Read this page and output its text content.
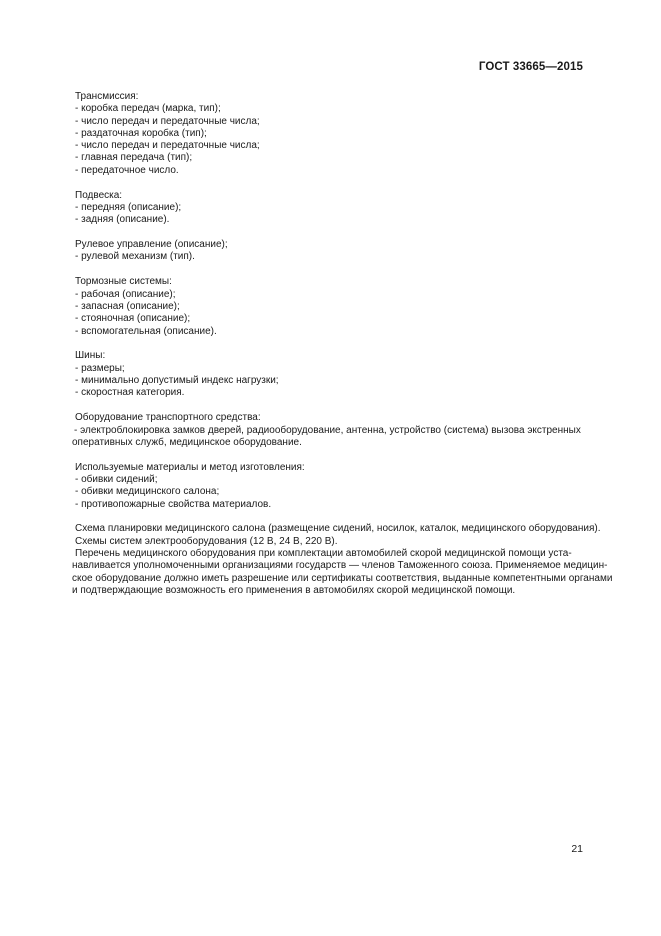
ГОСТ 33665—2015
Трансмиссия:
- коробка передач (марка, тип);
- число передач и передаточные числа;
- раздаточная коробка (тип);
- число передач и передаточные числа;
- главная передача (тип);
- передаточное число.
Подвеска:
- передняя (описание);
- задняя (описание).
Рулевое управление (описание);
- рулевой механизм (тип).
Тормозные системы:
- рабочая (описание);
- запасная (описание);
- стояночная (описание);
- вспомогательная (описание).
Шины:
- размеры;
- минимально допустимый индекс нагрузки;
- скоростная категория.
Оборудование транспортного средства:
- электроблокировка замков дверей, радиооборудование, антенна, устройство (система) вызова экстренных
оперативных служб, медицинское оборудование.
Используемые материалы и метод изготовления:
- обивки сидений;
- обивки медицинского салона;
- противопожарные свойства материалов.
Схема планировки медицинского салона (размещение сидений, носилок, каталок, медицинского оборудования).
Схемы систем электрооборудования (12 В, 24 В, 220 В).
Перечень медицинского оборудования при комплектации автомобилей скорой медицинской помощи уста-
навливается уполномоченными организациями государств — членов Таможенного союза. Применяемое медицин-
ское оборудование должно иметь разрешение или сертификаты соответствия, выданные компетентными органами
и подтверждающие возможность его применения в автомобилях скорой медицинской помощи.
21
